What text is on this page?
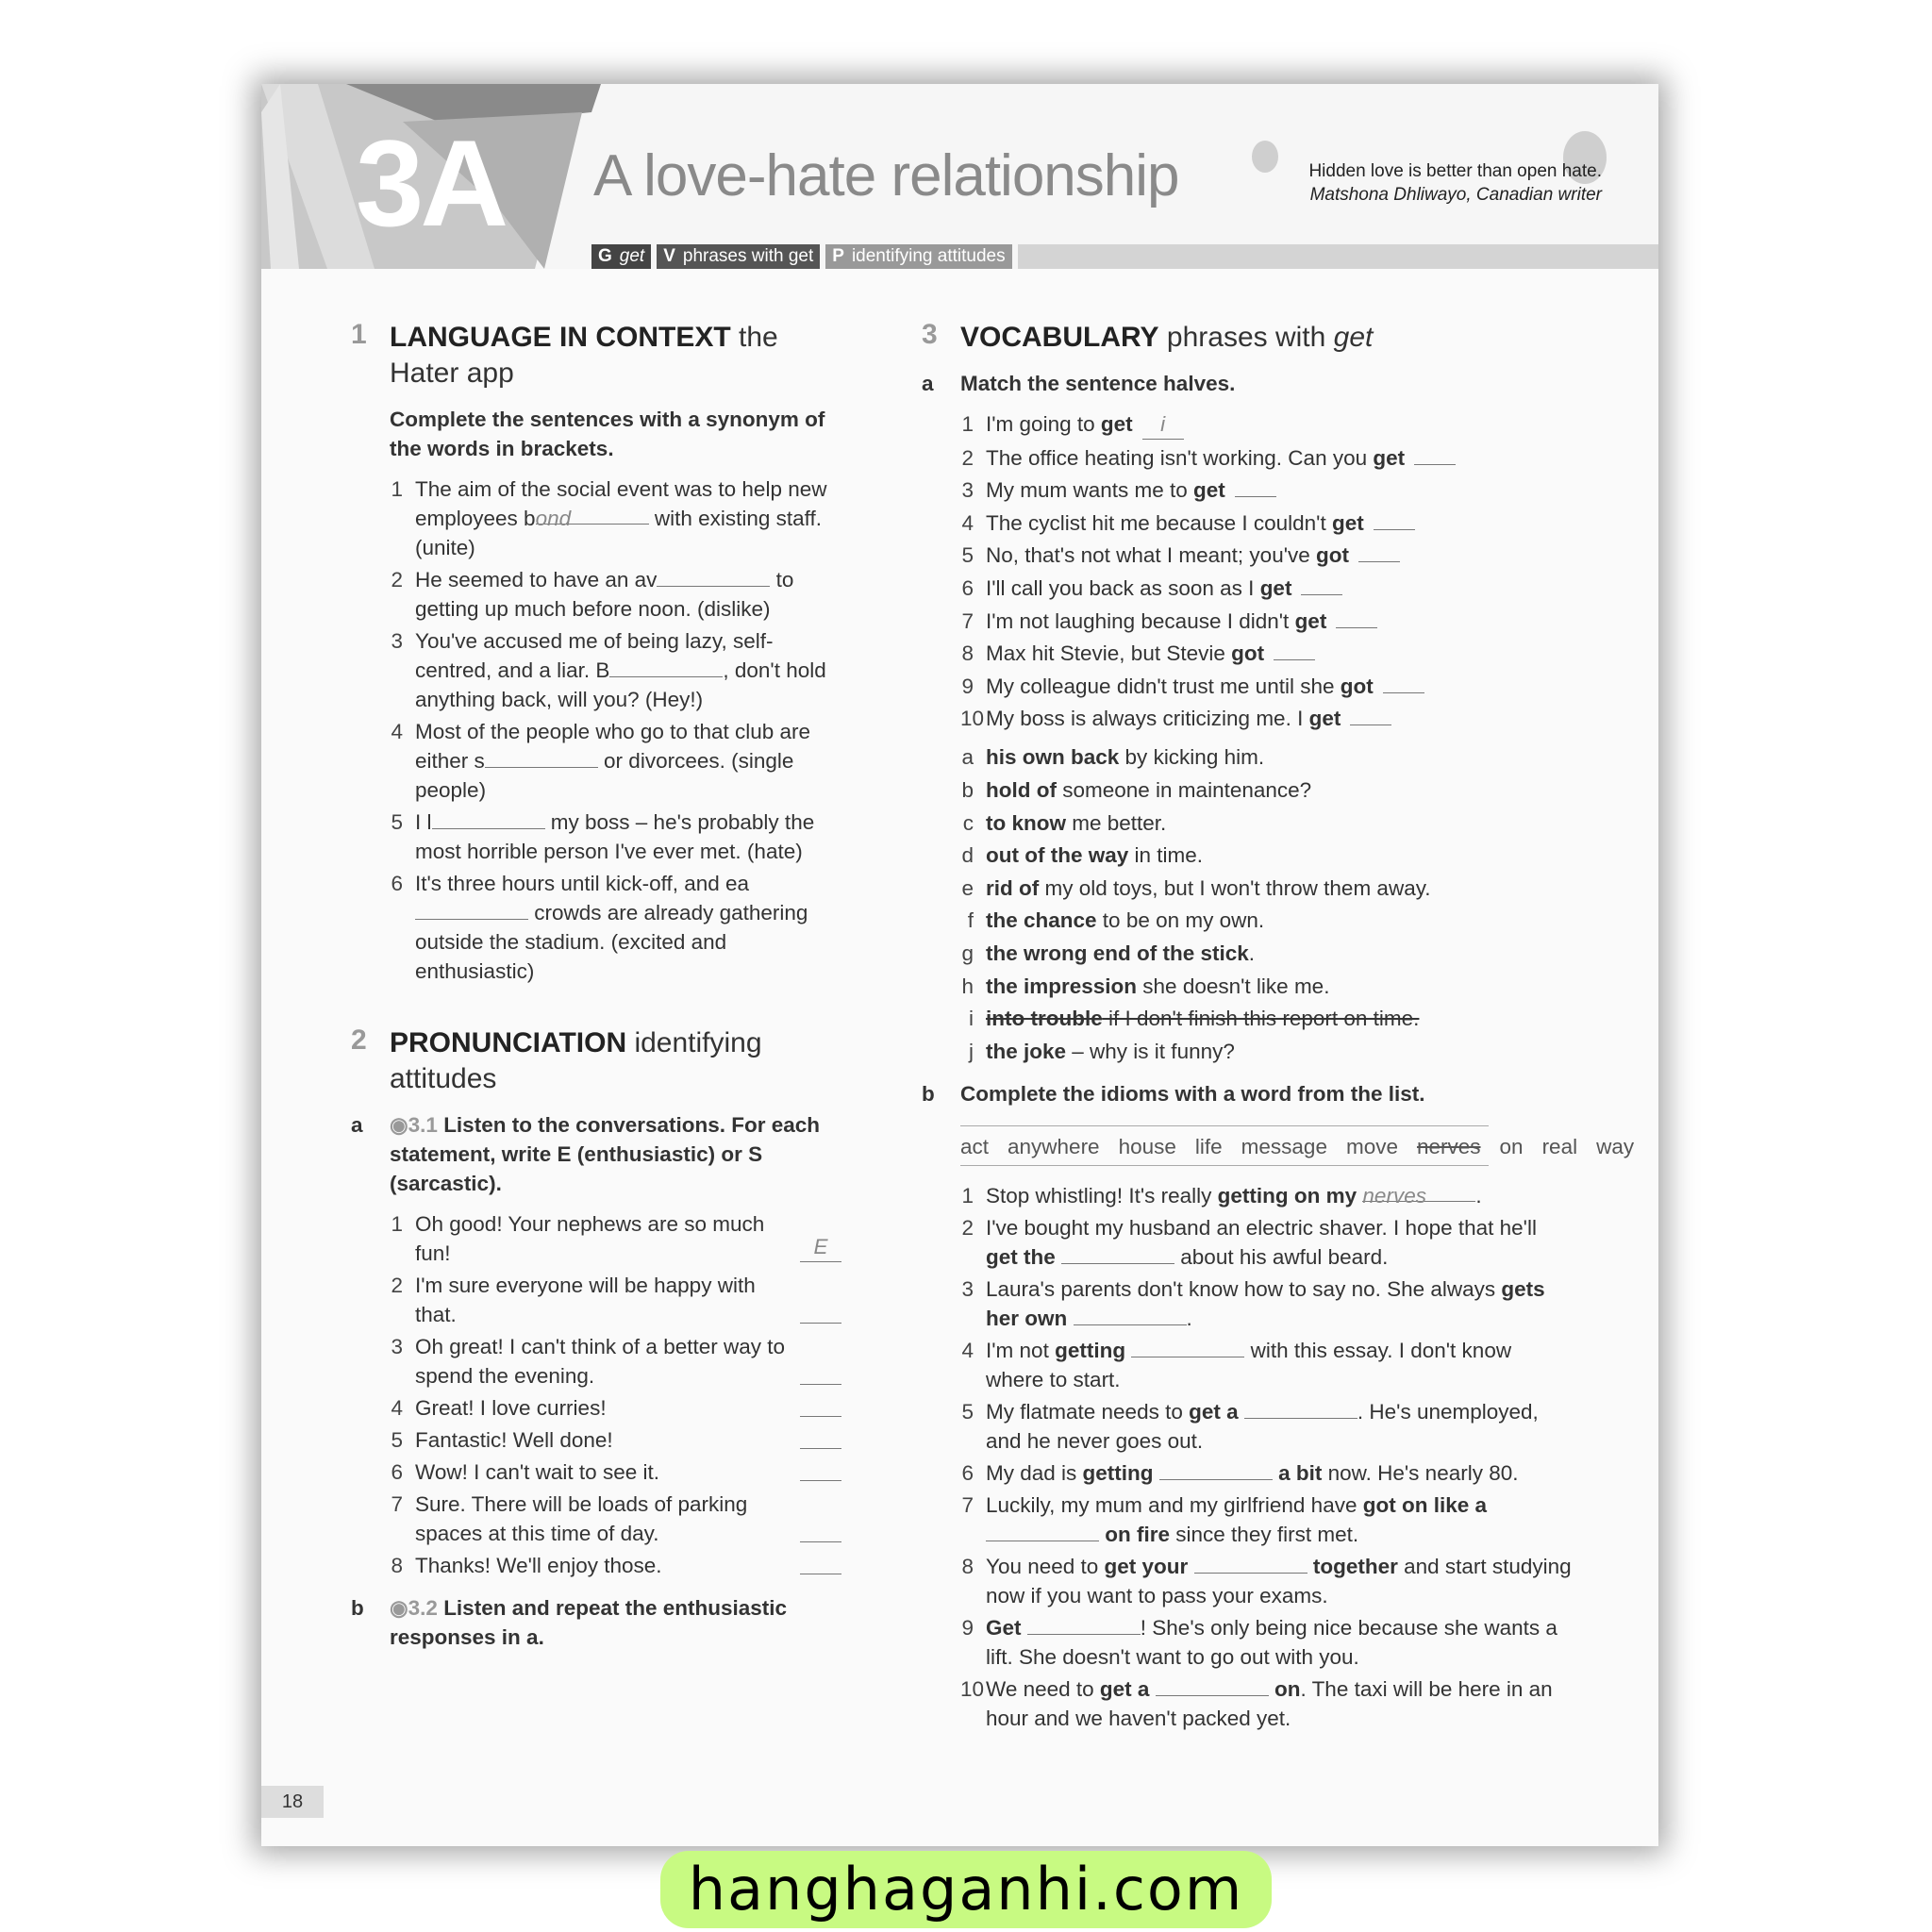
3A A love-hate relationship	Hidden love is better than open hate.
Matshona Dhliwayo, Canadian writer
G get	V phrases with get	P identifying attitudes
1 LANGUAGE IN CONTEXT the Hater app
Complete the sentences with a synonym of the words in brackets.
1 The aim of the social event was to help new employees bond	with existing staff. (unite)
2 He seemed to have an av	to getting up much before noon. (dislike)
3 You've accused me of being lazy, self-centred, and a liar. B	, don't hold anything back, will you? (Hey!)
4 Most of the people who go to that club are either s	or divorcees. (single people)
5 I l	my boss – he's probably the most horrible person I've ever met. (hate)
6 It's three hours until kick-off, and ea crowds are already gathering outside the stadium. (excited and enthusiastic)
2 PRONUNCIATION identifying attitudes
a ◉3.1 Listen to the conversations. For each statement, write E (enthusiastic) or S (sarcastic).
1 Oh good! Your nephews are so much fun!	E
2 I'm sure everyone will be happy with that.
3 Oh great! I can't think of a better way to spend the evening.
4 Great! I love curries!
5 Fantastic! Well done!
6 Wow! I can't wait to see it.
7 Sure. There will be loads of parking spaces at this time of day.
8 Thanks! We'll enjoy those.
b ◉3.2 Listen and repeat the enthusiastic responses in a.
3 VOCABULARY phrases with get
a Match the sentence halves.
1 I'm going to get i
2 The office heating isn't working. Can you get
3 My mum wants me to get
4 The cyclist hit me because I couldn't get
5 No, that's not what I meant; you've got
6 I'll call you back as soon as I get
7 I'm not laughing because I didn't get
8 Max hit Stevie, but Stevie got
9 My colleague didn't trust me until she got
10 My boss is always criticizing me. I get
a his own back by kicking him.
b hold of someone in maintenance?
c to know me better.
d out of the way in time.
e rid of my old toys, but I won't throw them away.
f the chance to be on my own.
g the wrong end of the stick.
h the impression she doesn't like me.
i into trouble if I don't finish this report on time.
j the joke – why is it funny?
b Complete the idioms with a word from the list.
act anywhere house life message move nerves on real way
1 Stop whistling! It's really getting on my nerves .
2 I've bought my husband an electric shaver. I hope that he'll get the	about his awful beard.
3 Laura's parents don't know how to say no. She always gets her own	.
4 I'm not getting	with this essay. I don't know where to start.
5 My flatmate needs to get a	. He's unemployed, and he never goes out.
6 My dad is getting	a bit now. He's nearly 80.
7 Luckily, my mum and my girlfriend have got on like a  on fire since they first met.
8 You need to get your	together and start studying now if you want to pass your exams.
9 Get	! She's only being nice because she wants a lift. She doesn't want to go out with you.
10 We need to get a	on. The taxi will be here in an hour and we haven't packed yet.
18
hanghaganhi.com
